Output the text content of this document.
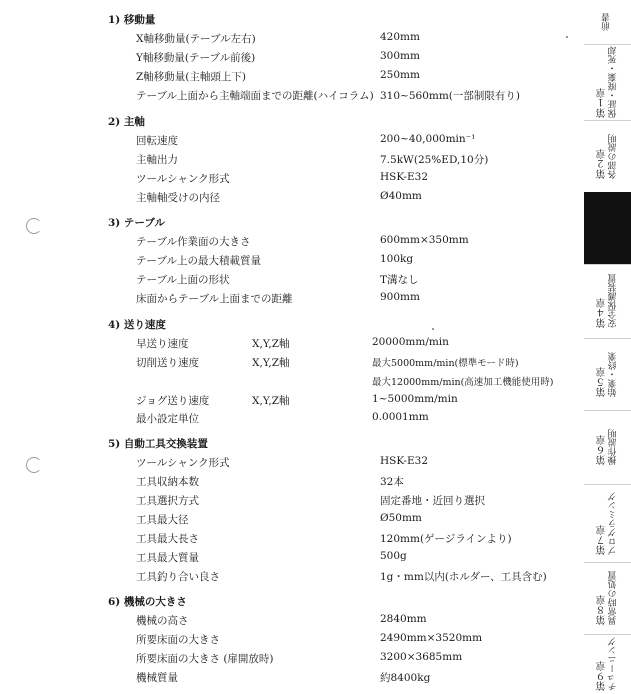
1) 移動量
X軸移動量(テーブル左右)	420mm
Y軸移動量(テーブル前後)	300mm
Z軸移動量(主軸頭上下)	250mm
テーブル上面から主軸端面までの距離(ハイコラム) 310~560mm(一部制限有り)
2) 主軸
回転速度	200~40,000min⁻¹
主軸出力	7.5kW(25%ED,10分)
ツールシャンク形式	HSK-E32
主軸軸受けの内径	Ø40mm
3) テーブル
テーブル作業面の大きさ	600mm×350mm
テーブル上の最大積載質量	100kg
テーブル上面の形状	T溝なし
床面からテーブル上面までの距離	900mm
4) 送り速度
早送り速度	X,Y,Z軸	20000mm/min
切削送り速度	X,Y,Z軸	最大5000mm/min(標準モード時)
最大12000mm/min(高速加工機能使用時)
ジョグ送り速度	X,Y,Z軸	1~5000mm/min
最小設定単位	0.0001mm
5) 自動工具交換装置
ツールシャンク形式	HSK-E32
工具収納本数	32本
工具選択方式	固定番地・近回り選択
工具最大径	Ø50mm
工具最大長さ	120mm(ゲージラインより)
工具最大質量	500g
工具釣り合い良さ	1g・mm以内(ホルダー、工具含む)
6) 機械の大きさ
機械の高さ	2840mm
所要床面の大きさ	2490mm×3520mm
所要床面の大きさ (扉開放時)	3200×3685mm
機械質量	約8400kg
前書
第１章
保証・廃棄・死却
第２章
各部の説明

第４章
安全保護装置
第５章
始業・終業
第６章
操作説明
第７章
プログラミング
第８章
異常時の処置
第９章
チューニング
